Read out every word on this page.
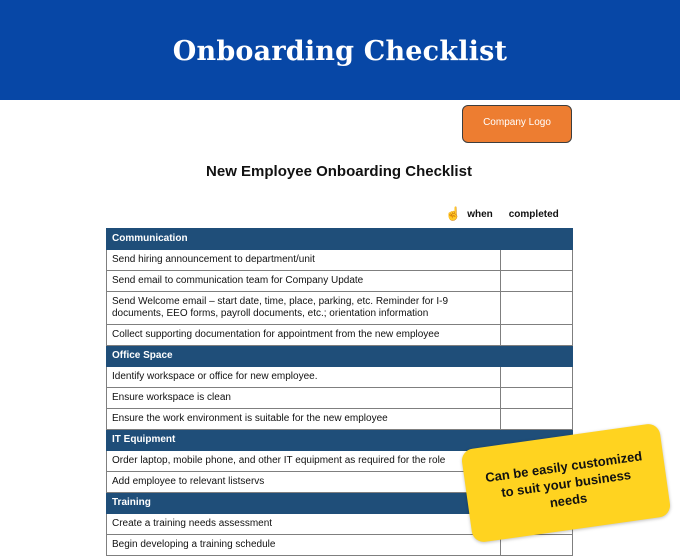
Onboarding Checklist
Company Logo
New Employee Onboarding Checklist
☝ when completed
Communication	
Send hiring announcement to department/unit	
Send email to communication team for Company Update	
Send Welcome email – start date, time, place, parking, etc. Reminder for I-9 documents, EEO forms, payroll documents, etc.; orientation information	
Collect supporting documentation for appointment from the new employee	
Office Space	
Identify workspace or office for new employee.	
Ensure workspace is clean	
Ensure the work environment is suitable for the new employee	
IT Equipment	
Order laptop, mobile phone, and other IT equipment as required for the role	
Add employee to relevant listservs	
Training	
Create a training needs assessment	
Begin developing a training schedule	
Can be easily customized to suit your business needs
